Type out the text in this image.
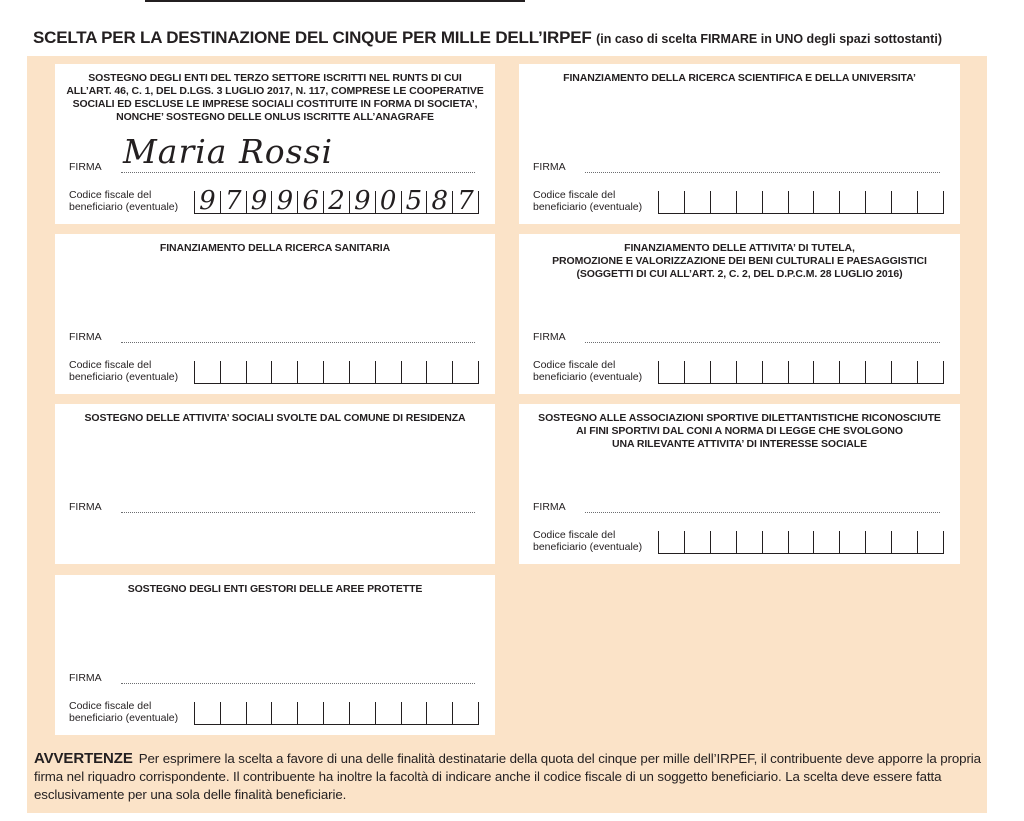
SCELTA PER LA DESTINAZIONE DEL CINQUE PER MILLE DELL’IRPEF (in caso di scelta FIRMARE in UNO degli spazi sottostanti)
SOSTEGNO DEGLI ENTI DEL TERZO SETTORE ISCRITTI NEL RUNTS DI CUI
ALL’ART. 46, C. 1, DEL D.LGS. 3 LUGLIO 2017, N. 117, COMPRESE LE COOPERATIVE
SOCIALI ED ESCLUSE LE IMPRESE SOCIALI COSTITUITE IN FORMA DI SOCIETA’,
NONCHE’ SOSTEGNO DELLE ONLUS ISCRITTE ALL’ANAGRAFE
FIRMA Maria Rossi
Codice fiscale del
beneficiario (eventuale) 9 7 9 9 6 2 9 0 5 8 7
FINANZIAMENTO DELLA RICERCA SCIENTIFICA E DELLA UNIVERSITA’
FIRMA
Codice fiscale del
beneficiario (eventuale)
FINANZIAMENTO DELLA RICERCA SANITARIA
FIRMA
Codice fiscale del
beneficiario (eventuale)
FINANZIAMENTO DELLE ATTIVITA’ DI TUTELA,
PROMOZIONE E VALORIZZAZIONE DEI BENI CULTURALI E PAESAGGISTICI
(SOGGETTI DI CUI ALL’ART. 2, C. 2, DEL D.P.C.M. 28 LUGLIO 2016)
FIRMA
Codice fiscale del
beneficiario (eventuale)
SOSTEGNO DELLE ATTIVITA’ SOCIALI SVOLTE DAL COMUNE DI RESIDENZA
FIRMA
SOSTEGNO ALLE ASSOCIAZIONI SPORTIVE DILETTANTISTICHE RICONOSCIUTE
AI FINI SPORTIVI DAL CONI A NORMA DI LEGGE CHE SVOLGONO
UNA RILEVANTE ATTIVITA’ DI INTERESSE SOCIALE
FIRMA
Codice fiscale del
beneficiario (eventuale)
SOSTEGNO DEGLI ENTI GESTORI DELLE AREE PROTETTE
FIRMA
Codice fiscale del
beneficiario (eventuale)
AVVERTENZE Per esprimere la scelta a favore di una delle finalità destinatarie della quota del cinque per mille dell’IRPEF, il contribuente deve apporre la propria firma nel riquadro corrispondente. Il contribuente ha inoltre la facoltà di indicare anche il codice fiscale di un soggetto beneficiario. La scelta deve essere fatta esclusivamente per una sola delle finalità beneficiarie.
